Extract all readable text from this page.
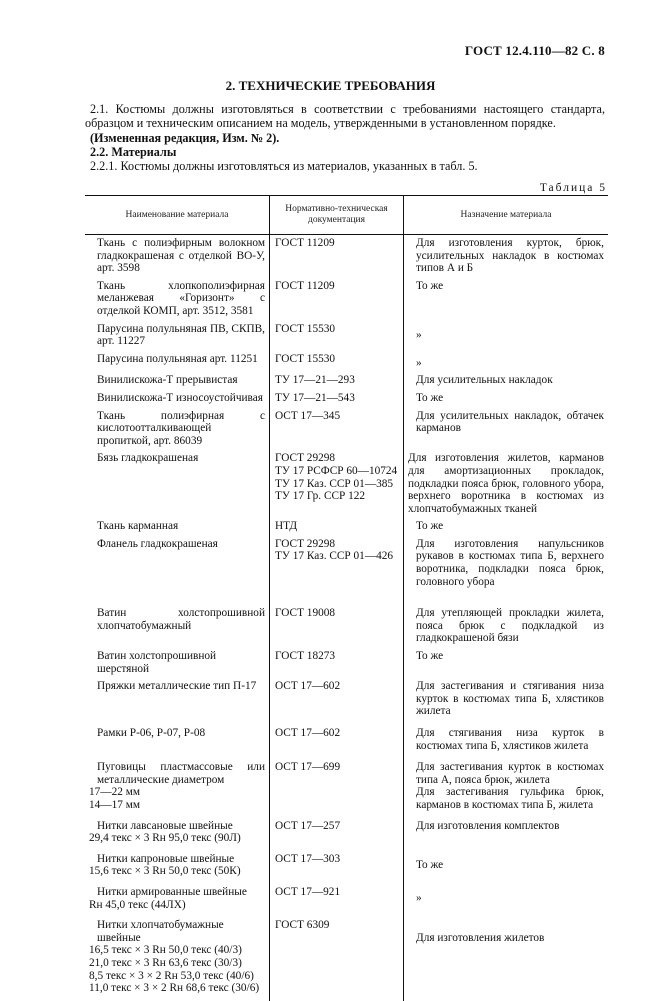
ГОСТ 12.4.110—82 С. 8
2. ТЕХНИЧЕСКИЕ ТРЕБОВАНИЯ
2.1. Костюмы должны изготовляться в соответствии с требованиями настоящего стандарта, образцом и техническим описанием на модель, утвержденными в установленном порядке.
(Измененная редакция, Изм. № 2).
2.2. Материалы
2.2.1. Костюмы должны изготовляться из материалов, указанных в табл. 5.
Таблица 5
Наименование материала	Нормативно-техническая документация	Назначение материала

Ткань с полиэфирным волокном гладкокрашеная с отделкой ВО-У, арт. 3598	ГОСТ 11209	Для изготовления курток, брюк, усилительных накладок в костюмах типов А и Б

Ткань хлопкополиэфирная меланжевая «Горизонт» с отделкой КОМП, арт. 3512, 3581	ГОСТ 11209	То же

Парусина полульняная ПВ, СКПВ, арт. 11227	ГОСТ 15530	»

Парусина полульняная арт. 11251	ГОСТ 15530	»

Винилискожа-Т прерывистая	ТУ 17—21—293	Для усилительных накладок

Винилискожа-Т износоустойчивая	ТУ 17—21—543	То же

Ткань полиэфирная с кислотоотталкивающей пропиткой, арт. 86039	ОСТ 17—345	Для усилительных накладок, обтачек карманов

Бязь гладкокрашеная	ГОСТ 29298
ТУ 17 РСФСР 60—10724
ТУ 17 Каз. ССР 01—385
ТУ 17 Гр. ССР 122	Для изготовления жилетов, карманов для амортизационных прокладок, подкладки пояса брюк, головного убора, верхнего воротника в костюмах из хлопчатобумажных тканей

Ткань карманная	НТД	То же

Фланель гладкокрашеная	ГОСТ 29298
ТУ 17 Каз. ССР 01—426	Для изготовления напульсников рукавов в костюмах типа Б, верхнего воротника, подкладки пояса брюк, головного убора

Ватин холстопрошивной хлопчатобумажный	ГОСТ 19008	Для утепляющей прокладки жилета, пояса брюк с подкладкой из гладкокрашеной бязи

Ватин холстопрошивной шерстяной	ГОСТ 18273	То же

Пряжки металлические тип П-17	ОСТ 17—602	Для застегивания и стягивания низа курток в костюмах типа Б, хлястиков жилета

Рамки Р-06, Р-07, Р-08	ОСТ 17—602	Для стягивания низа курток в костюмах типа Б, хлястиков жилета

Пуговицы пластмассовые или металлические диаметром
17—22 мм
14—17 мм	ОСТ 17—699	Для застегивания курток в костюмах типа А, пояса брюк, жилета
Для застегивания гульфика брюк, карманов в костюмах типа Б, жилета

Нитки лавсановые швейные
29,4 текс × 3 Rн 95,0 текс (90Л)	ОСТ 17—257	Для изготовления комплектов

Нитки капроновые швейные
15,6 текс × 3 Rн 50,0 текс (50К)	ОСТ 17—303	То же

Нитки армированные швейные
Rн 45,0 текс (44ЛХ)	ОСТ 17—921	»

Нитки хлопчатобумажные швейные
16,5 текс × 3 Rн 50,0 текс (40/3)
21,0 текс × 3 Rн 63,6 текс (30/3)
8,5 текс × 3 × 2 Rн 53,0 текс (40/6)
11,0 текс × 3 × 2 Rн 68,6 текс (30/6)	ГОСТ 6309	Для изготовления жилетов
